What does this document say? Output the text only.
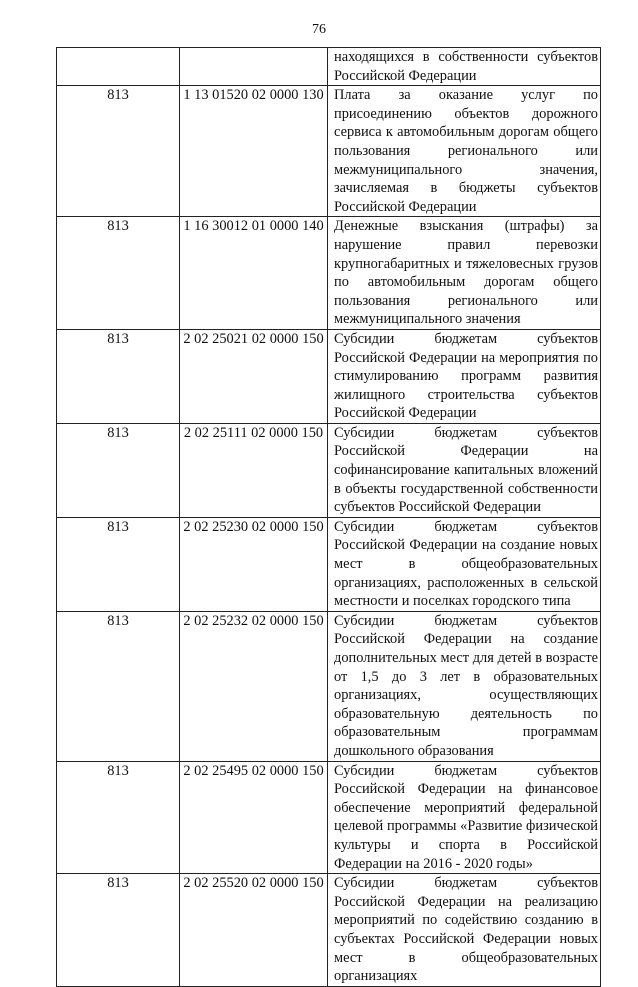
76

		находящихся в собственности субъектов Российской Федерации

813	1 13 01520 02 0000 130	Плата за оказание услуг по присоединению объектов дорожного сервиса к автомобильным дорогам общего пользования регионального или межмуниципального значения, зачисляемая в бюджеты субъектов Российской Федерации

813	1 16 30012 01 0000 140	Денежные взыскания (штрафы) за нарушение правил перевозки крупногабаритных и тяжеловесных грузов по автомобильным дорогам общего пользования регионального или межмуниципального значения

813	2 02 25021 02 0000 150	Субсидии бюджетам субъектов Российской Федерации на мероприятия по стимулированию программ развития жилищного строительства субъектов Российской Федерации

813	2 02 25111 02 0000 150	Субсидии бюджетам субъектов Российской Федерации на софинансирование капитальных вложений в объекты государственной собственности субъектов Российской Федерации

813	2 02 25230 02 0000 150	Субсидии бюджетам субъектов Российской Федерации на создание новых мест в общеобразовательных организациях, расположенных в сельской местности и поселках городского типа

813	2 02 25232 02 0000 150	Субсидии бюджетам субъектов Российской Федерации на создание дополнительных мест для детей в возрасте от 1,5 до 3 лет в образовательных организациях, осуществляющих образовательную деятельность по образовательным программам дошкольного образования

813	2 02 25495 02 0000 150	Субсидии бюджетам субъектов Российской Федерации на финансовое обеспечение мероприятий федеральной целевой программы «Развитие физической культуры и спорта в Российской Федерации на 2016 - 2020 годы»

813	2 02 25520 02 0000 150	Субсидии бюджетам субъектов Российской Федерации на реализацию мероприятий по содействию созданию в субъектах Российской Федерации новых мест в общеобразовательных организациях
